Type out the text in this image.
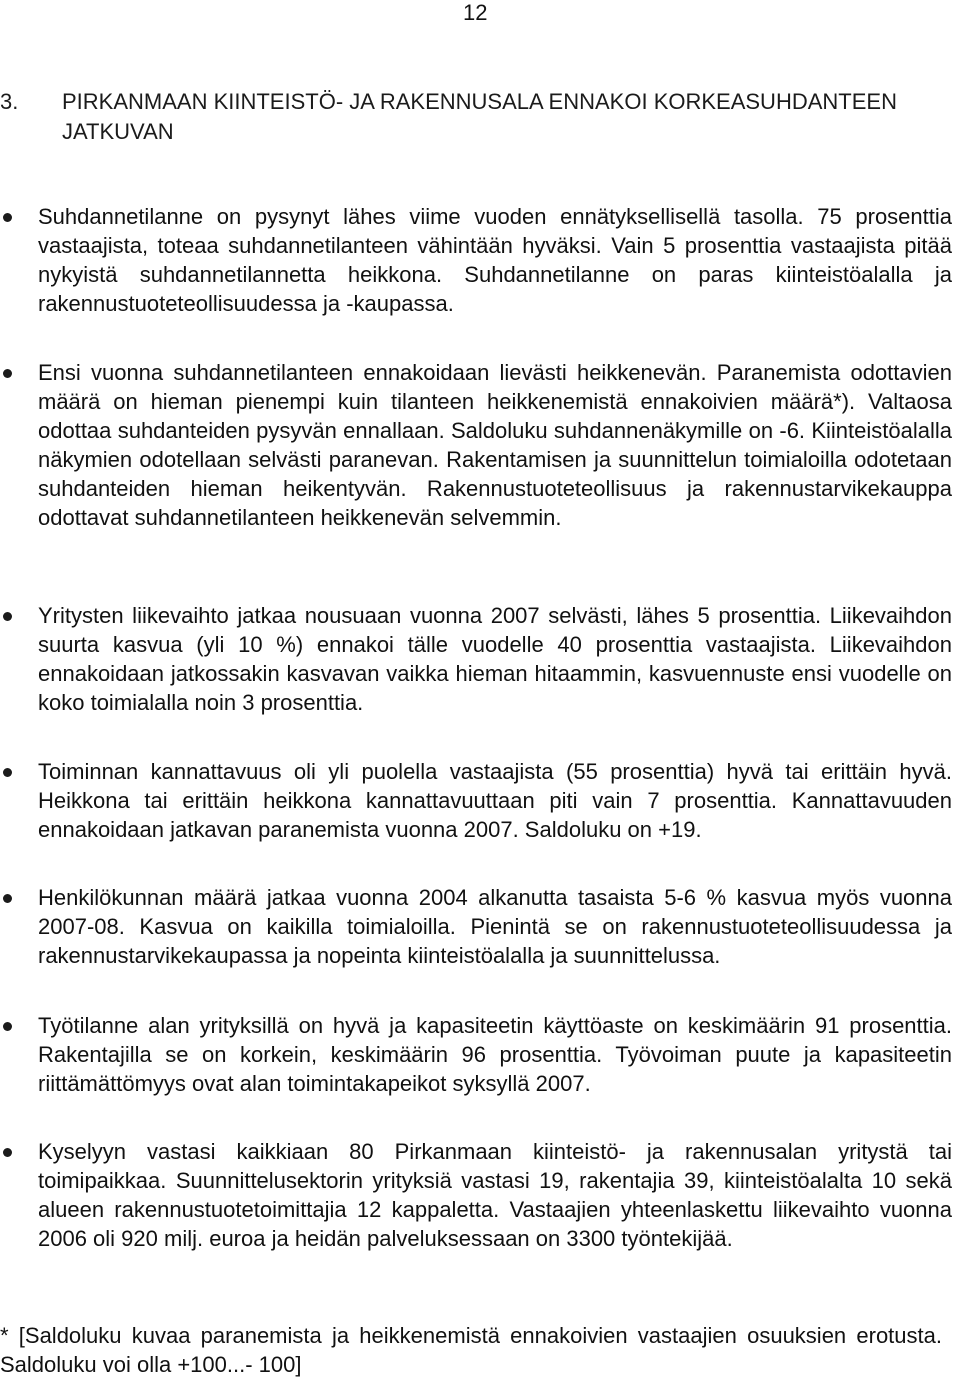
12
3. PIRKANMAAN KIINTEISTÖ- JA RAKENNUSALA ENNAKOI KORKEASUHDANTEEN JATKUVAN
Suhdannetilanne on pysynyt lähes viime vuoden ennätyksellisellä tasolla. 75 prosenttia vastaajista, toteaa suhdannetilanteen vähintään hyväksi. Vain 5 prosenttia vastaajista pitää nykyistä suhdannetilannetta heikkona. Suhdannetilanne on paras kiinteistöalalla ja rakennustuoteteollisuudessa ja -kaupassa.
Ensi vuonna suhdannetilanteen ennakoidaan lievästi heikkenevän. Paranemista odottavien määrä on hieman pienempi kuin tilanteen heikkenemistä ennakoivien määrä*). Valtaosa odottaa suhdanteiden pysyvän ennallaan. Saldoluku suhdannenäkymille on -6. Kiinteistöalalla näkymien odotellaan selvästi paranevan. Rakentamisen ja suunnittelun toimialoilla odotetaan suhdanteiden hieman heikentyvän. Rakennustuoteteollisuus ja rakennustarvikekauppa odottavat suhdannetilanteen heikkenevän selvemmin.
Yritysten liikevaihto jatkaa nousuaan vuonna 2007 selvästi, lähes 5 prosenttia. Liikevaihdon suurta kasvua (yli 10 %) ennakoi tälle vuodelle 40 prosenttia vastaajista. Liikevaihdon ennakoidaan jatkossakin kasvavan vaikka hieman hitaammin, kasvuennuste ensi vuodelle on koko toimialalla noin 3 prosenttia.
Toiminnan kannattavuus oli yli puolella vastaajista (55 prosenttia) hyvä tai erittäin hyvä. Heikkona tai erittäin heikkona kannattavuuttaan piti vain 7 prosenttia. Kannattavuuden ennakoidaan jatkavan paranemista vuonna 2007. Saldoluku on +19.
Henkilökunnan määrä jatkaa vuonna 2004 alkanutta tasaista 5-6 % kasvua myös vuonna 2007-08. Kasvua on kaikilla toimialoilla. Pienintä se on rakennustuoteteollisuudessa ja rakennustarvikekaupassa ja nopeinta kiinteistöalalla ja suunnittelussa.
Työtilanne alan yrityksillä on hyvä ja kapasiteetin käyttöaste on keskimäärin 91 prosenttia. Rakentajilla se on korkein, keskimäärin 96 prosenttia. Työvoiman puute ja kapasiteetin riittämättömyys ovat alan toimintakapeikot syksyllä 2007.
Kyselyyn vastasi kaikkiaan 80 Pirkanmaan kiinteistö- ja rakennusalan yritystä tai toimipaikkaa. Suunnittelusektorin yrityksiä vastasi 19, rakentajia 39, kiinteistöalalta 10 sekä alueen rakennustuotetoimittajia 12 kappaletta. Vastaajien yhteenlaskettu liikevaihto vuonna 2006 oli 920 milj. euroa ja heidän palveluksessaan on 3300 työntekijää.
* [Saldoluku kuvaa paranemista ja heikkenemistä ennakoivien vastaajien osuuksien erotusta. Saldoluku voi olla +100...- 100]
